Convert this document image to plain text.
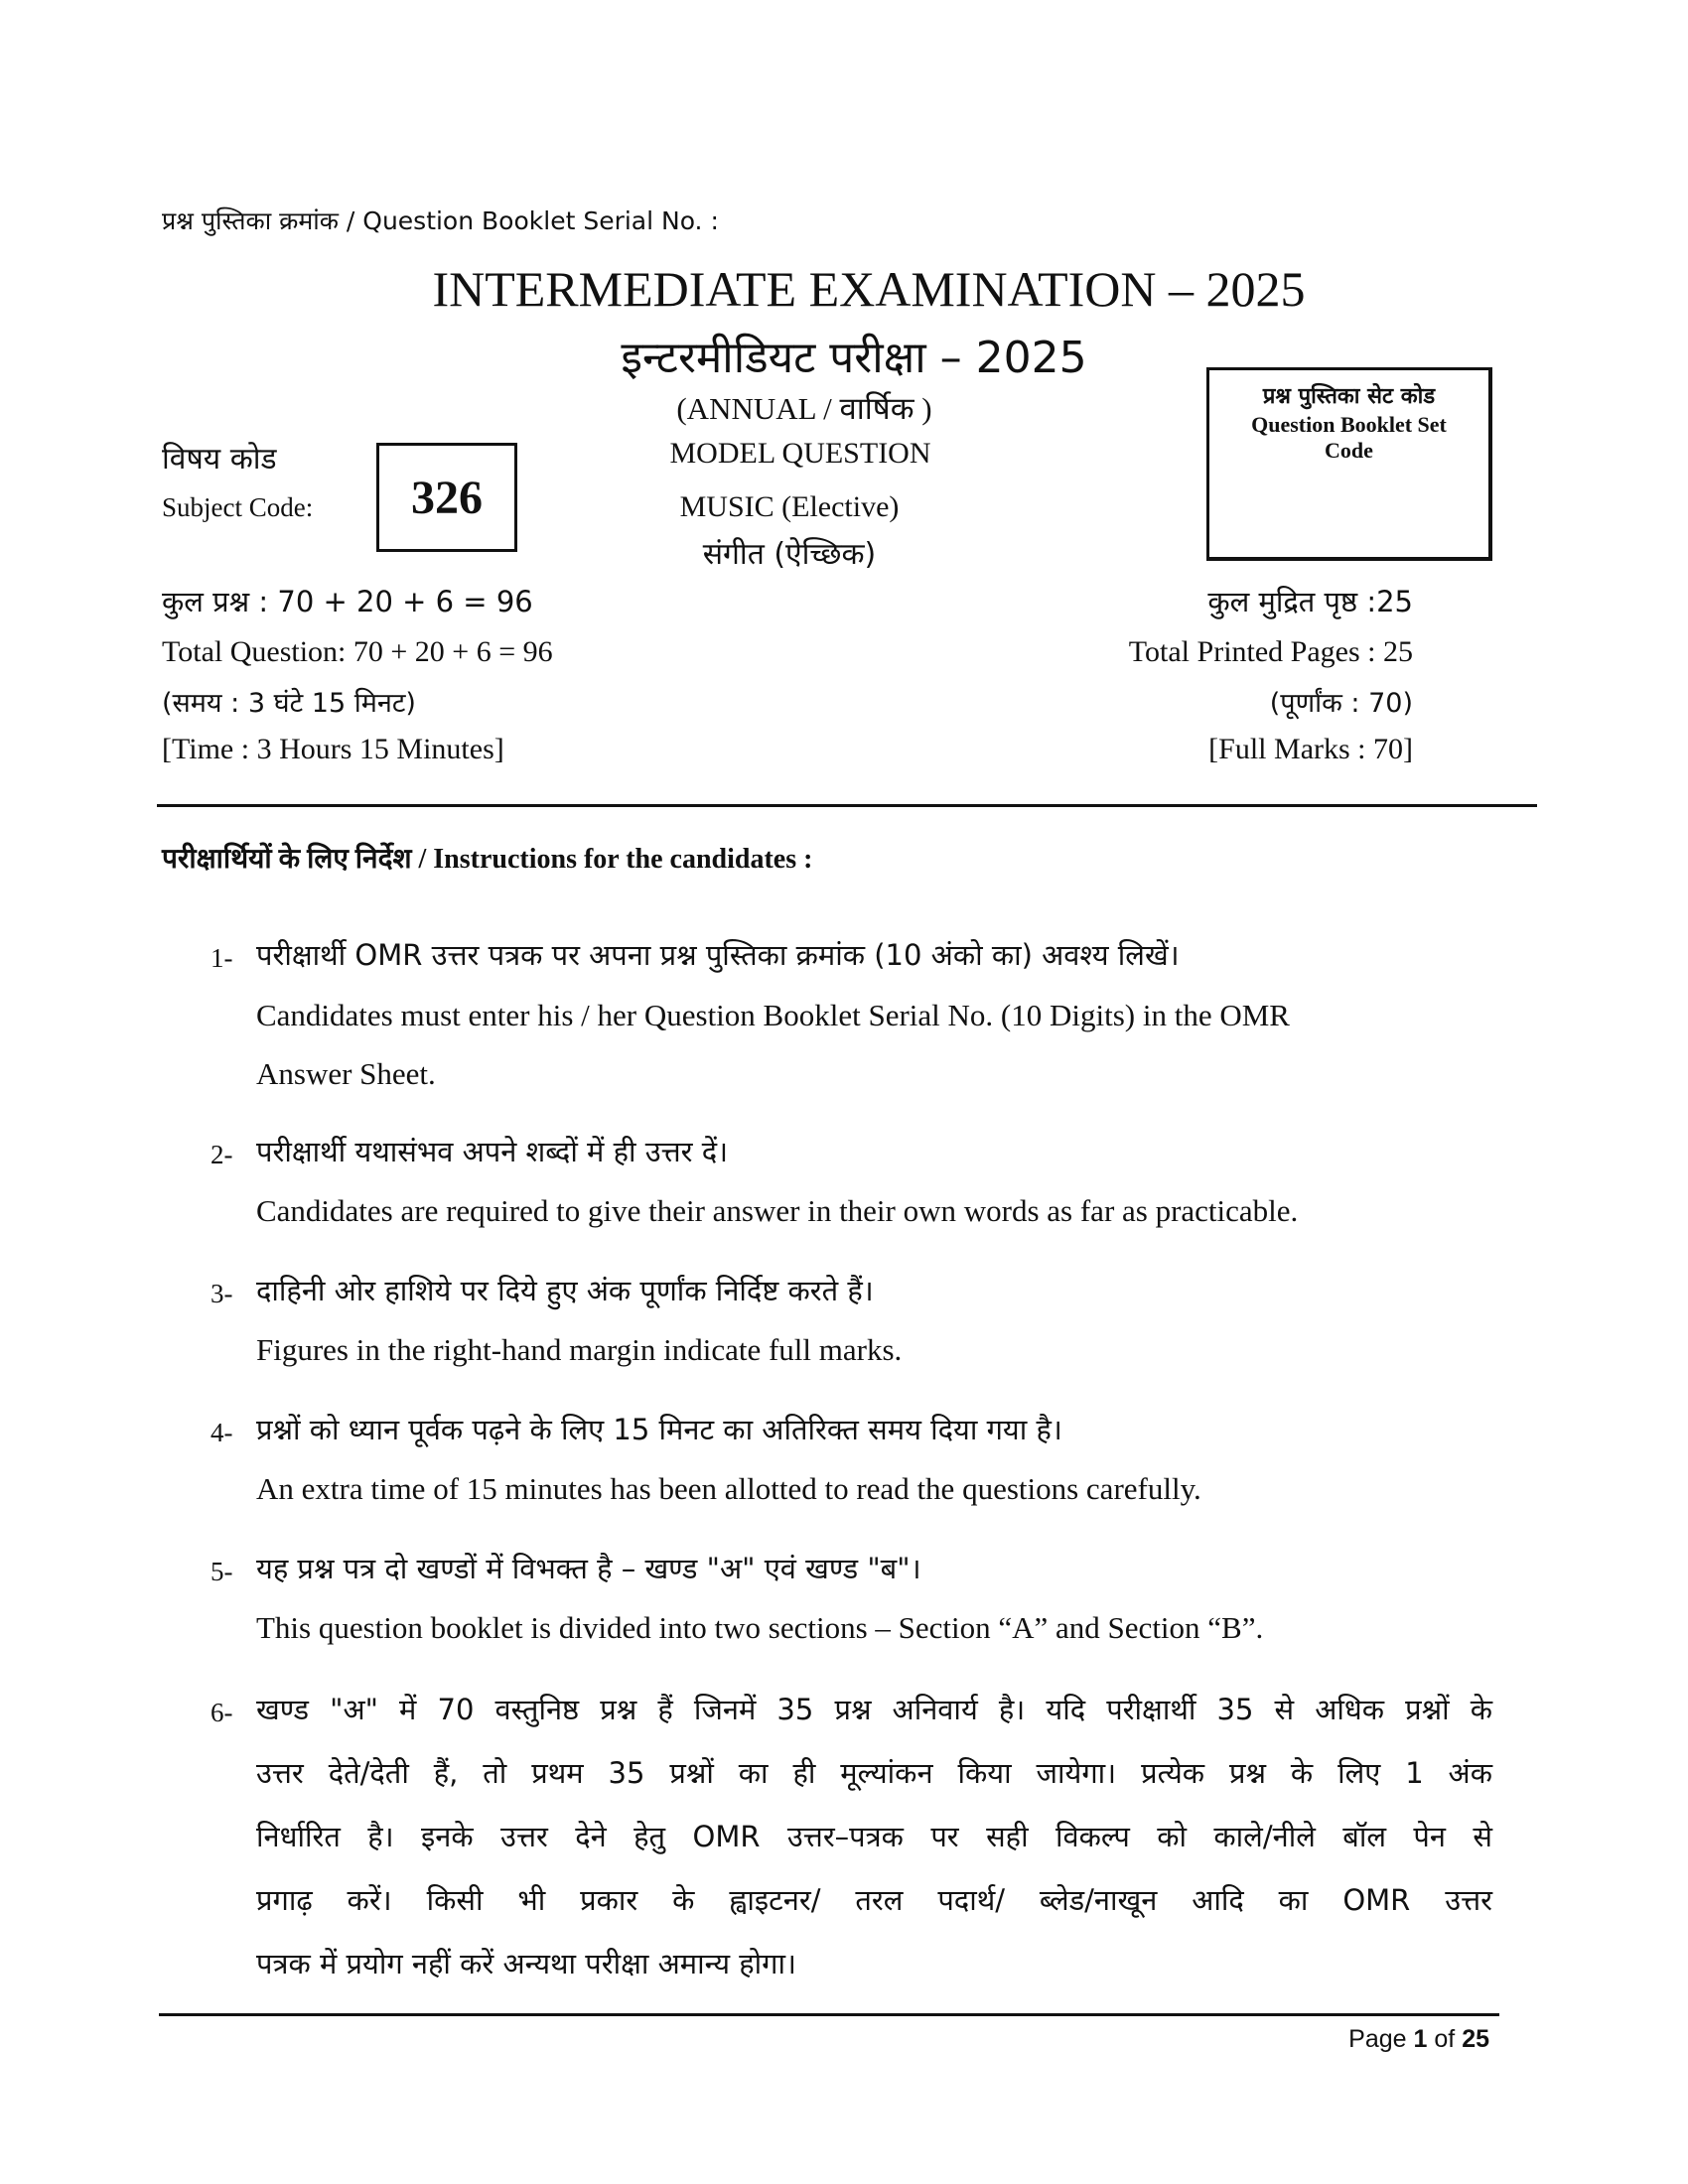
प्रश्न पुस्तिका क्रमांक / Question Booklet Serial No. :
INTERMEDIATE EXAMINATION – 2025
इन्टरमीडियट परीक्षा – 2025
(ANNUAL / वार्षिक )
MODEL QUESTION
MUSIC (Elective)
संगीत (ऐच्छिक)
विषय कोड
Subject Code: 326
प्रश्न पुस्तिका सेट कोड
Question Booklet Set
Code
कुल प्रश्न : 70 + 20 + 6 = 96
Total Question: 70 + 20 + 6 = 96
(समय : 3 घंटे 15 मिनट)
[Time : 3 Hours 15 Minutes]
कुल मुद्रित पृष्ठ :25
Total Printed Pages : 25
(पूर्णांक : 70)
[Full Marks : 70]
परीक्षार्थियों के लिए निर्देश / Instructions for the candidates :
1- परीक्षार्थी OMR उत्तर पत्रक पर अपना प्रश्न पुस्तिका क्रमांक (10 अंको का) अवश्य लिखें।
Candidates must enter his / her Question Booklet Serial No. (10 Digits) in the OMR
Answer Sheet.
2- परीक्षार्थी यथासंभव अपने शब्दों में ही उत्तर दें।
Candidates are required to give their answer in their own words as far as practicable.
3- दाहिनी ओर हाशिये पर दिये हुए अंक पूर्णांक निर्दिष्ट करते हैं।
Figures in the right-hand margin indicate full marks.
4- प्रश्नों को ध्यान पूर्वक पढ़ने के लिए 15 मिनट का अतिरिक्त समय दिया गया है।
An extra time of 15 minutes has been allotted to read the questions carefully.
5- यह प्रश्न पत्र दो खण्डों में विभक्त है – खण्ड "अ" एवं खण्ड "ब"।
This question booklet is divided into two sections – Section “A” and Section “B”.
6- खण्ड "अ" में 70 वस्तुनिष्ठ प्रश्न हैं जिनमें 35 प्रश्न अनिवार्य है। यदि परीक्षार्थी 35 से अधिक प्रश्नों के
उत्तर देते/देती हैं, तो प्रथम 35 प्रश्नों का ही मूल्यांकन किया जायेगा। प्रत्येक प्रश्न के लिए 1 अंक
निर्धारित है। इनके उत्तर देने हेतु OMR उत्तर–पत्रक पर सही विकल्प को काले/नीले बॉल पेन से
प्रगाढ़ करें। किसी भी प्रकार के ह्वाइटनर/ तरल पदार्थ/ ब्लेड/नाखून आदि का OMR उत्तर
पत्रक में प्रयोग नहीं करें अन्यथा परीक्षा अमान्य होगा।
Page 1 of 25
